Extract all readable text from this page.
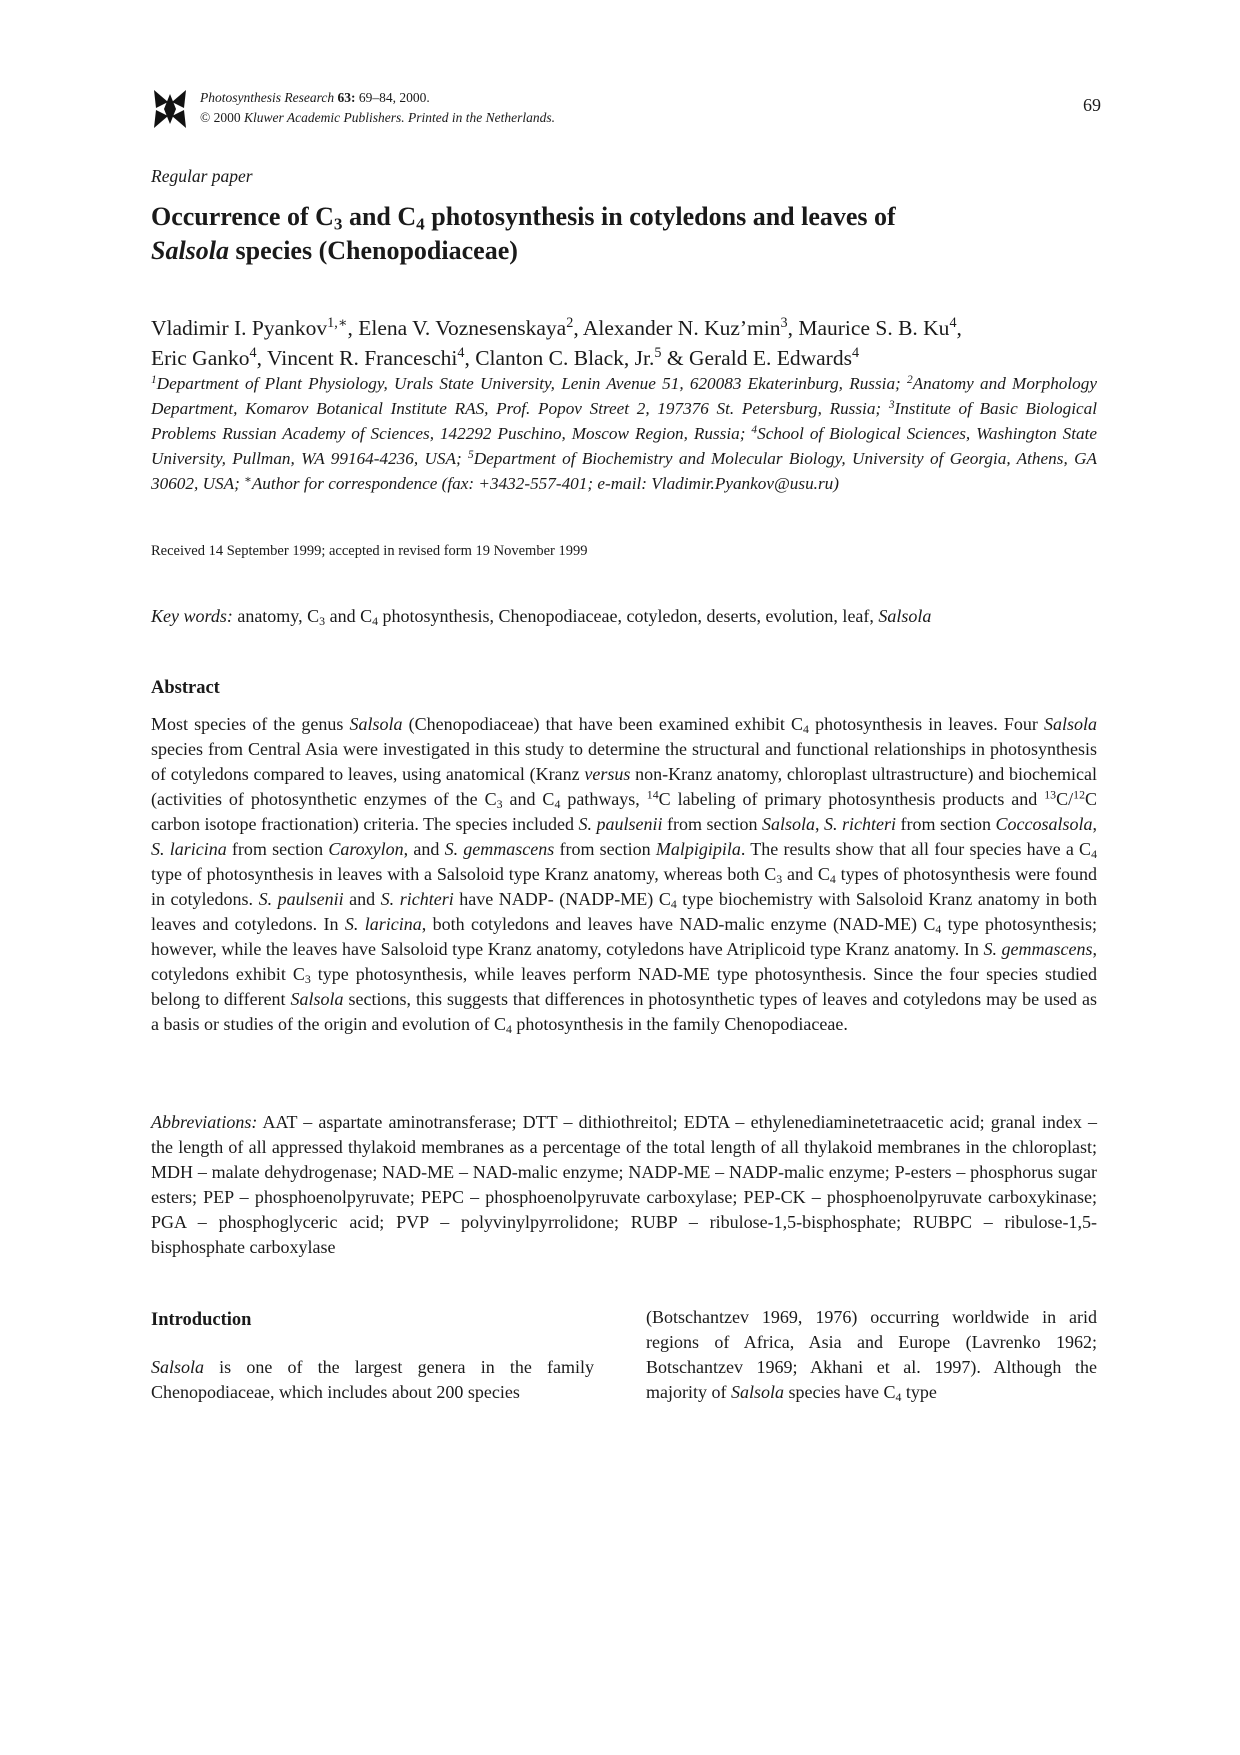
Photosynthesis Research 63: 69–84, 2000.
© 2000 Kluwer Academic Publishers. Printed in the Netherlands.
69
Regular paper
Occurrence of $C_3$ and $C_4$ photosynthesis in cotyledons and leaves of
Salsola species (Chenopodiaceae)
Vladimir I. Pyankov$^{1,∗}$, Elena V. Voznesenskaya$^2$, Alexander N. $Kuz’\min^3$, Maurice S. B. Ku$^4$,
Eric Ganko$^4$, Vincent R. Franceschi$^4$, Clanton C. Black, Jr.$^5$ & Gerald E. Edwards$^4$
$^1$Department of Plant Physiology, Urals State University, Lenin Avenue 51, 620083 Ekaterinburg, Russia; $^2$Anatomy and Morphology Department, Komarov Botanical Institute RAS, Prof. Popov Street 2, 197376 St. Petersburg, Russia; $^3$Institute of Basic Biological Problems Russian Academy of Sciences, 142292 Puschino, Moscow Region, Russia; $^4$School of Biological Sciences, Washington State University, Pullman, WA 99164-4236, USA; $^5$Department of Biochemistry and Molecular Biology, University of Georgia, Athens, GA 30602, USA; ∗Author for correspondence (fax: +3432-557-401; e-mail: Vladimir.Pyankov@usu.ru)
Received 14 September 1999; accepted in revised form 19 November 1999
Key words: anatomy, $C_3$ and $C_4$ photosynthesis, Chenopodiaceae, cotyledon, deserts, evolution, leaf, Salsola
Abstract

Most species of the genus Salsola (Chenopodiaceae) that have been examined exhibit $C_4$ photosynthesis in leaves. Four Salsola species from Central Asia were investigated in this study to determine the structural and functional relationships in photosynthesis of cotyledons compared to leaves, using anatomical (Kranz versus non-Kranz anatomy, chloroplast ultrastructure) and biochemical (activities of photosynthetic enzymes of the $C_3$ and $C_4$ pathways, $^{14}$C labeling of primary photosynthesis products and $^{13}$C/$^{12}$C carbon isotope fractionation) criteria. The species included S. paulsenii from section Salsola, S. richteri from section Coccosalsola, S. laricina from section Caroxylon, and S. gemmascens from section Malpigipila. The results show that all four species have a $C_4$ type of photosynthesis in leaves with a Salsoloid type Kranz anatomy, whereas both $C_3$ and $C_4$ types of photosynthesis were found in cotyledons. S. paulsenii and S. richteri have NADP- (NADP-ME) $C_4$ type biochemistry with Salsoloid Kranz anatomy in both leaves and cotyledons. In S. laricina, both cotyledons and leaves have NAD-malic enzyme (NAD-ME) $C_4$ type photosynthesis; however, while the leaves have Salsoloid type Kranz anatomy, cotyledons have Atriplicoid type Kranz anatomy. In S. gemmascens, cotyledons exhibit $C_3$ type photosynthesis, while leaves perform NAD-ME type photosynthesis. Since the four species studied belong to different Salsola sections, this suggests that differences in photosynthetic types of leaves and cotyledons may be used as a basis or studies of the origin and evolution of $C_4$ photosynthesis in the family Chenopodiaceae.

Abbreviations: AAT – aspartate aminotransferase; DTT – dithiothreitol; EDTA – ethylenediaminetetraacetic acid; granal index – the length of all appressed thylakoid membranes as a percentage of the total length of all thylakoid membranes in the chloroplast; MDH – malate dehydrogenase; NAD-ME – NAD-malic enzyme; NADP-ME – NADP-malic enzyme; P-esters – phosphorus sugar esters; PEP – phosphoenolpyruvate; PEPC – phosphoenolpyruvate carboxylase; PEP-CK – phosphoenolpyruvate carboxykinase; PGA – phosphoglyceric acid; PVP – polyvinylpyrrolidone; RUBP – ribulose-1,5-bisphosphate; RUBPC – ribulose-1,5-bisphosphate carboxylase

Introduction

Salsola is one of the largest genera in the family Chenopodiaceae, which includes about 200 species

(Botschantzev 1969, 1976) occurring worldwide in arid regions of Africa, Asia and Europe (Lavrenko 1962; Botschantzev 1969; Akhani et al. 1997). Although the majority of Salsola species have $C_4$ type
